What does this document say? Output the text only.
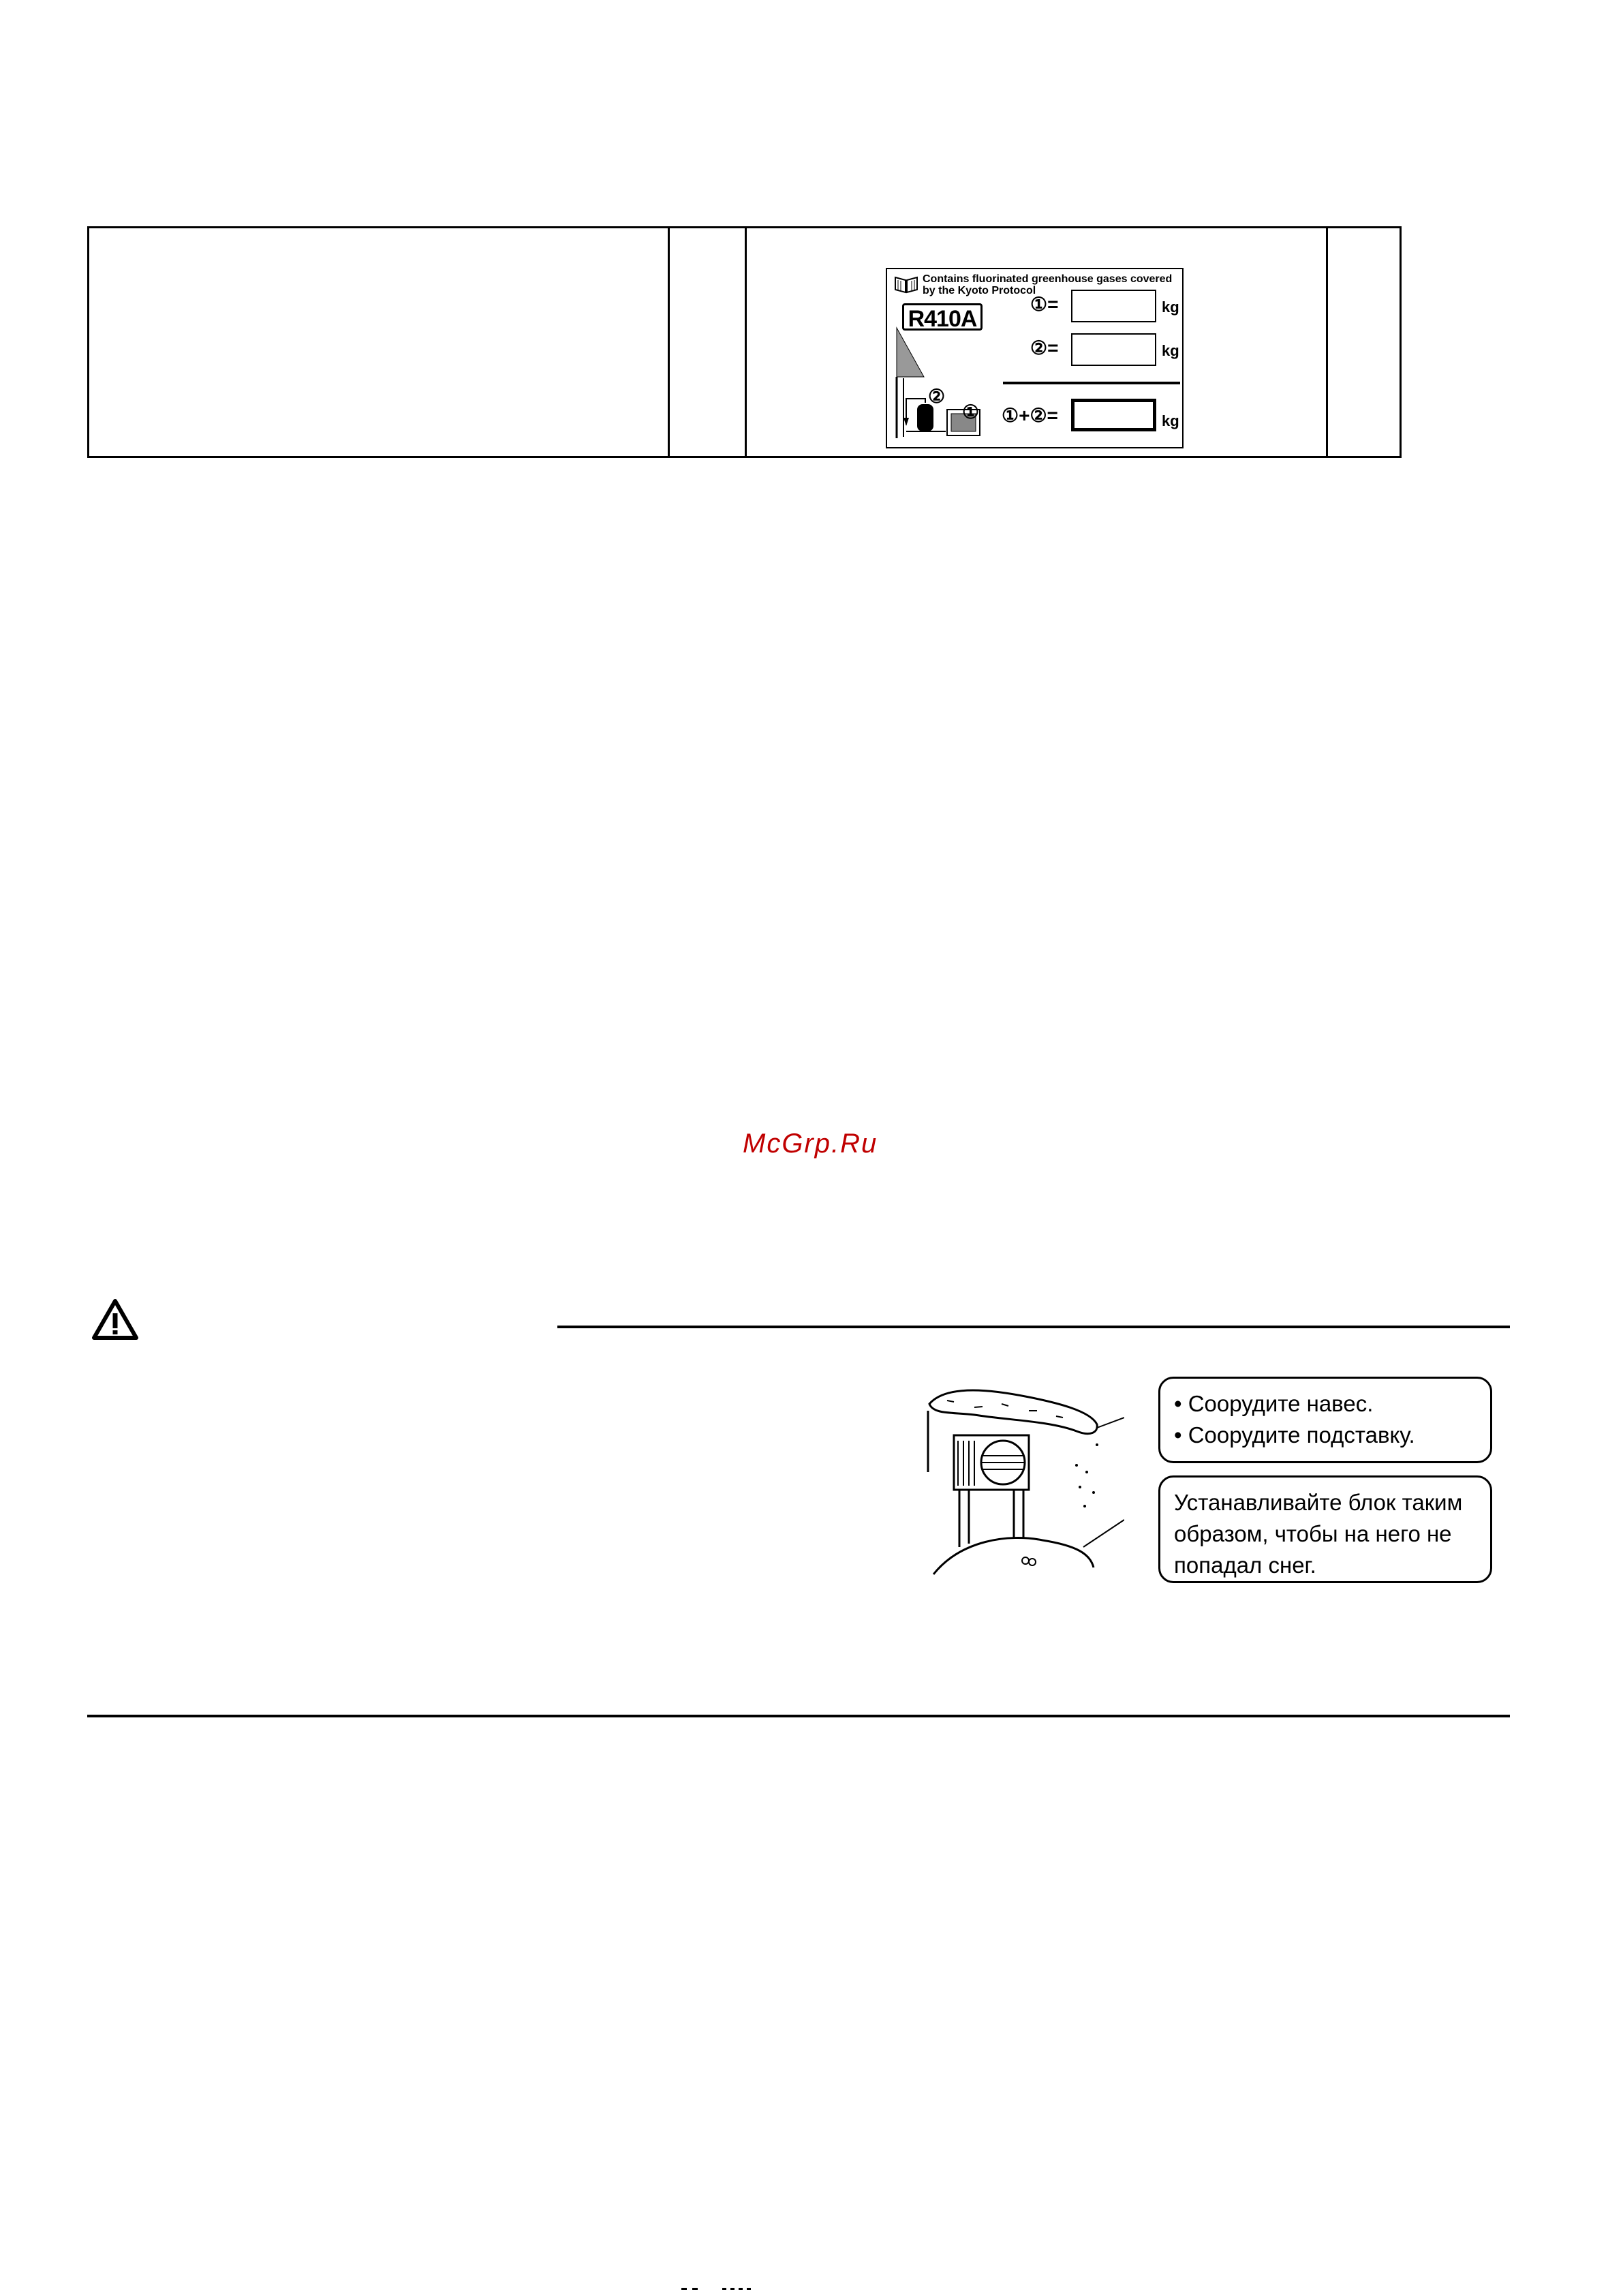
Contains fluorinated greenhouse gases covered
by the Kyoto Protocol
R410A
①=	kg
②=	kg
①+②=	kg
②
①
McGrp.Ru
• Соорудите навес.
• Соорудите подставку.
Устанавливайте блок таким образом, чтобы на него не попадал снег.
